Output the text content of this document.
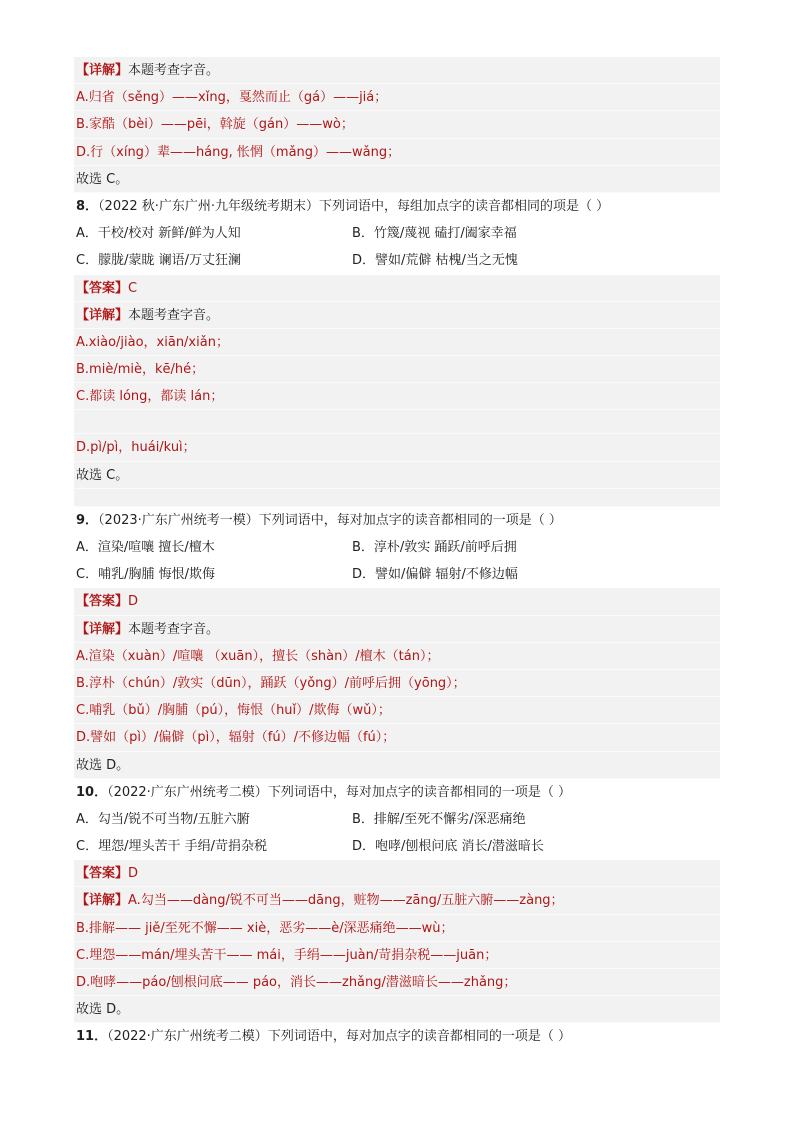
【详解】本题考查字音。
A.归省（sěng）——xǐng，戛然而止（gá）——jiá；
B.家酷（bèi）——pēi，斡旋（gán）——wò；
D.行（xíng）辈——háng, 怅惘（mǎng）——wǎng；
故选 C。
8．（2022 秋·广东广州·九年级统考期末）下列词语中，每组加点字的读音都相同的项是（ ）
A．干校/校对 新鲜/鲜为人知	B．竹篾/蔑视 磕打/阖家幸福
C．朦胧/蒙眬 谰语/万丈狂澜	D．譬如/荒僻 枯槐/当之无愧
【答案】C
【详解】本题考查字音。
A.xiào/jiào，xiān/xiǎn；
B.miè/miè，kē/hé；
C.都读 lóng，都读 lán；
D.pì/pì，huái/kuì；
故选 C。
9．（2023·广东广州统考一模）下列词语中，每对加点字的读音都相同的一项是（ ）
A．渲染/喧嚷 擅长/檀木	B．淳朴/敦实 踊跃/前呼后拥
C．哺乳/胸脯 悔恨/欺侮	D．譬如/偏僻 辐射/不修边幅
【答案】D
【详解】本题考查字音。
A.渲染（xuàn）/喧嚷 （xuān），擅长（shàn）/檀木（tán）；
B.淳朴（chún）/敦实（dūn），踊跃（yǒng）/前呼后拥（yōng）；
C.哺乳（bǔ）/胸脯（pú），悔恨（huǐ）/欺侮（wǔ）；
D.譬如（pì）/偏僻（pì），辐射（fú）/不修边幅（fú）；
故选 D。
10．（2022·广东广州统考二模）下列词语中，每对加点字的读音都相同的一项是（ ）
A．勾当/锐不可当物/五脏六腑	B．排解/至死不懈劣/深恶痛绝
C．埋怨/埋头苦干 手绢/苛捐杂税	D．咆哮/刨根问底 消长/潜滋暗长
【答案】D
【详解】A.勾当——dàng/锐不可当——dāng，赃物——zāng/五脏六腑——zàng；
B.排解—— jiě/至死不懈—— xiè，恶劣——è/深恶痛绝——wù；
C.埋怨——mán/埋头苦干—— mái，手绢——juàn/苛捐杂税——juān；
D.咆哮——páo/刨根问底—— páo，消长——zhǎng/潜滋暗长——zhǎng；
故选 D。
11．（2022·广东广州统考二模）下列词语中，每对加点字的读音都相同的一项是（ ）
